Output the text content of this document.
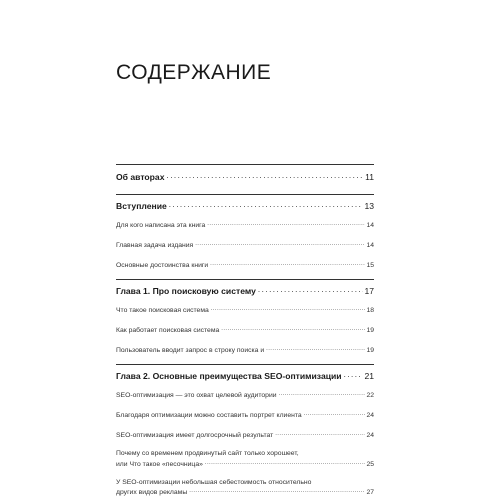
СОДЕРЖАНИЕ
Об авторах .....	11
Вступление .....	13
Для кого написана эта книга .....	14
Главная задача издания .....	14
Основные достоинства книги .....	15
Глава 1. Про поисковую систему .....	17
Что такое поисковая система .....	18
Как работает поисковая система .....	19
Пользователь вводит запрос в строку поиска и .....	19
Глава 2. Основные преимущества SEO-оптимизации .....	21
SEO-оптимизация — это охват целевой аудитории .....	22
Благодаря оптимизации можно составить портрет клиента .....	24
SEO-оптимизация имеет долгосрочный результат .....	24
Почему со временем продвинутый сайт только хорошеет,
или Что такое «песочница» .....	25
У SEO-оптимизации небольшая себестоимость относительно
других видов рекламы .....	27
